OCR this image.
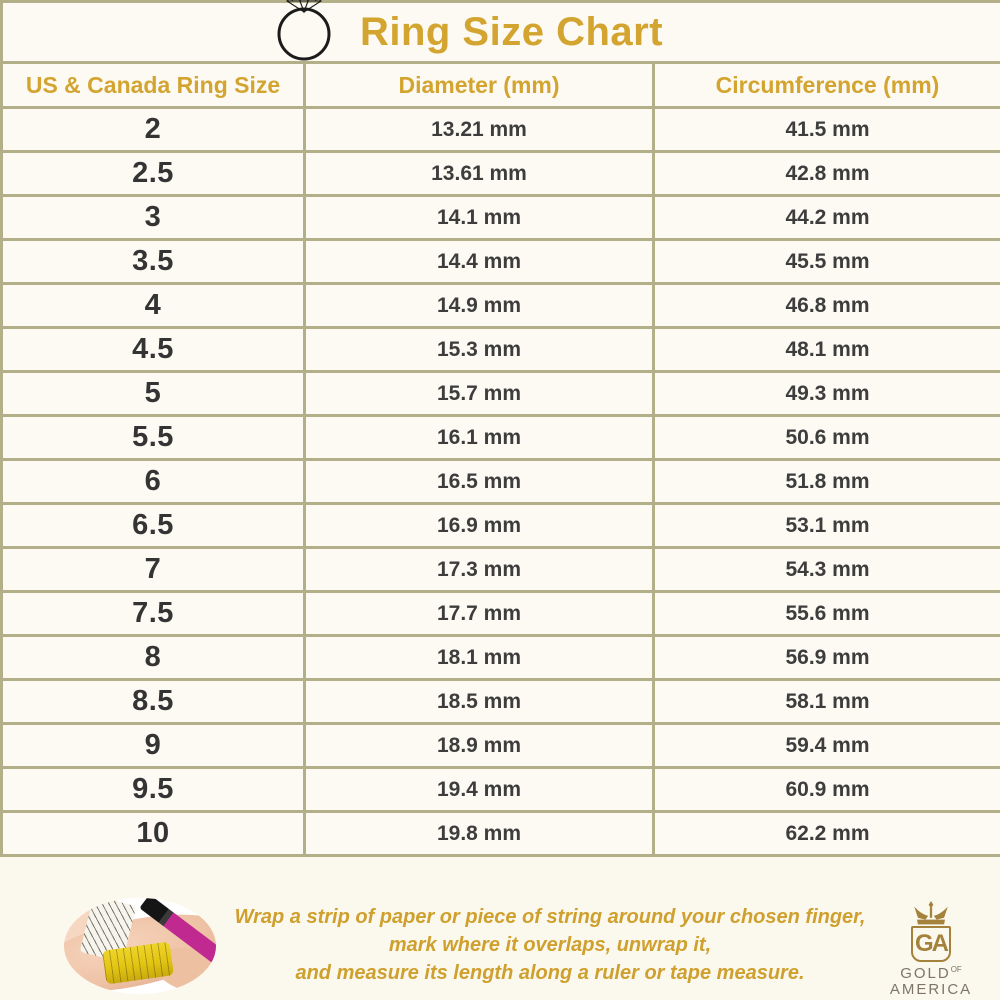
Ring Size Chart		

US & Canada Ring Size	Diameter (mm)	Circumference (mm)
2	13.21 mm	41.5 mm
2.5	13.61 mm	42.8 mm
3	14.1 mm	44.2 mm
3.5	14.4 mm	45.5 mm
4	14.9 mm	46.8 mm
4.5	15.3 mm	48.1 mm
5	15.7 mm	49.3 mm
5.5	16.1 mm	50.6 mm
6	16.5 mm	51.8 mm
6.5	16.9 mm	53.1 mm
7	17.3 mm	54.3 mm
7.5	17.7 mm	55.6 mm
8	18.1 mm	56.9 mm
8.5	18.5 mm	58.1 mm
9	18.9 mm	59.4 mm
9.5	19.4 mm	60.9 mm
10	19.8 mm	62.2 mm
Wrap a strip of paper or piece of string around your chosen finger,
mark where it overlaps, unwrap it,
and measure its length along a ruler or tape measure.
GA
$GOLD^{OF}$
AMERICA
